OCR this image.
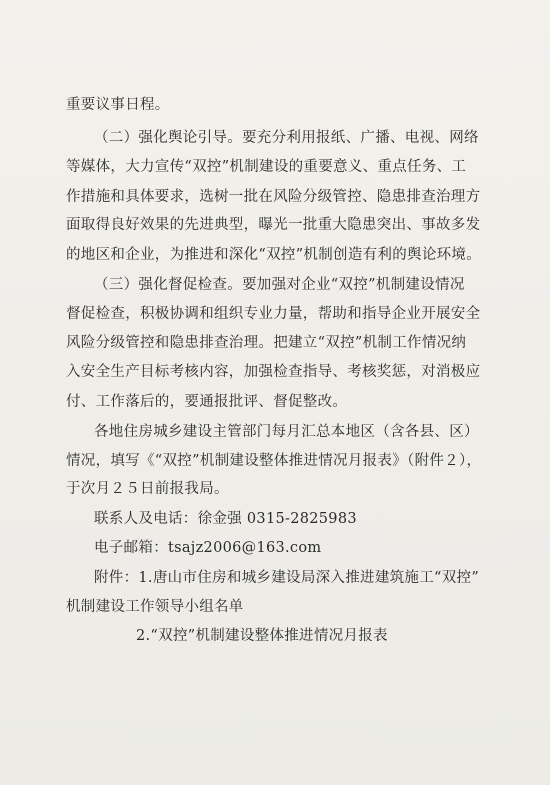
重要议事日程。
（二）强化舆论引导。要充分利用报纸、广播、电视、网络
等媒体，大力宣传“双控”机制建设的重要意义、重点任务、工
作措施和具体要求，选树一批在风险分级管控、隐患排查治理方
面取得良好效果的先进典型，曝光一批重大隐患突出、事故多发
的地区和企业，为推进和深化“双控”机制创造有利的舆论环境。
（三）强化督促检查。要加强对企业“双控”机制建设情况
督促检查，积极协调和组织专业力量，帮助和指导企业开展安全
风险分级管控和隐患排查治理。把建立“双控”机制工作情况纳
入安全生产目标考核内容，加强检查指导、考核奖惩，对消极应
付、工作落后的，要通报批评、督促整改。
各地住房城乡建设主管部门每月汇总本地区（含各县、区）
情况，填写《“双控”机制建设整体推进情况月报表》（附件２），
于次月２５日前报我局。
联系人及电话：徐金强 0315-2825983
电子邮箱：tsajz2006@163.com
附件：1.唐山市住房和城乡建设局深入推进建筑施工“双控”
机制建设工作领导小组名单
2.“双控”机制建设整体推进情况月报表
